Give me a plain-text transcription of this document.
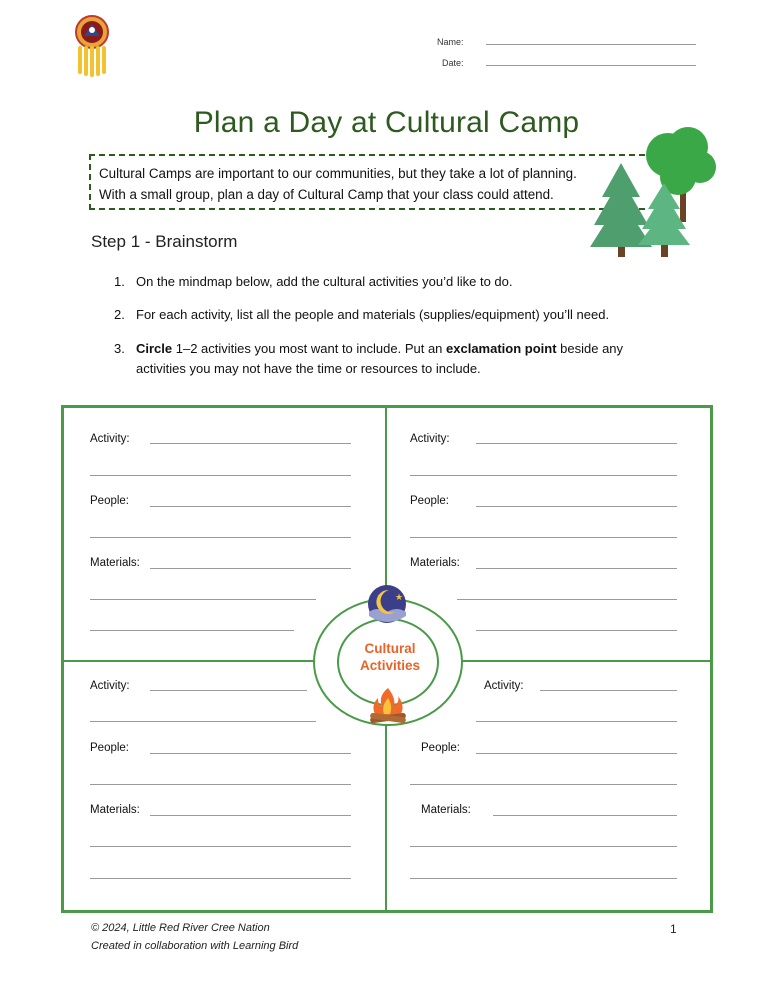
Name:
Date:
Plan a Day at Cultural Camp
Cultural Camps are important to our communities, but they take a lot of planning.
With a small group, plan a day of Cultural Camp that your class could attend.
Step 1 - Brainstorm
1. On the mindmap below, add the cultural activities you’d like to do.
2. For each activity, list all the people and materials (supplies/equipment) you’ll need.
3. Circle 1–2 activities you most want to include. Put an exclamation point beside any
activities you may not have the time or resources to include.
Activity:
People:
Materials:
Activity:
People:
Materials:
Activity:
People:
Materials:
Activity:
People:
Materials:
★
★
Cultural
Activities
© 2024, Little Red River Cree Nation
Created in collaboration with Learning Bird
1
